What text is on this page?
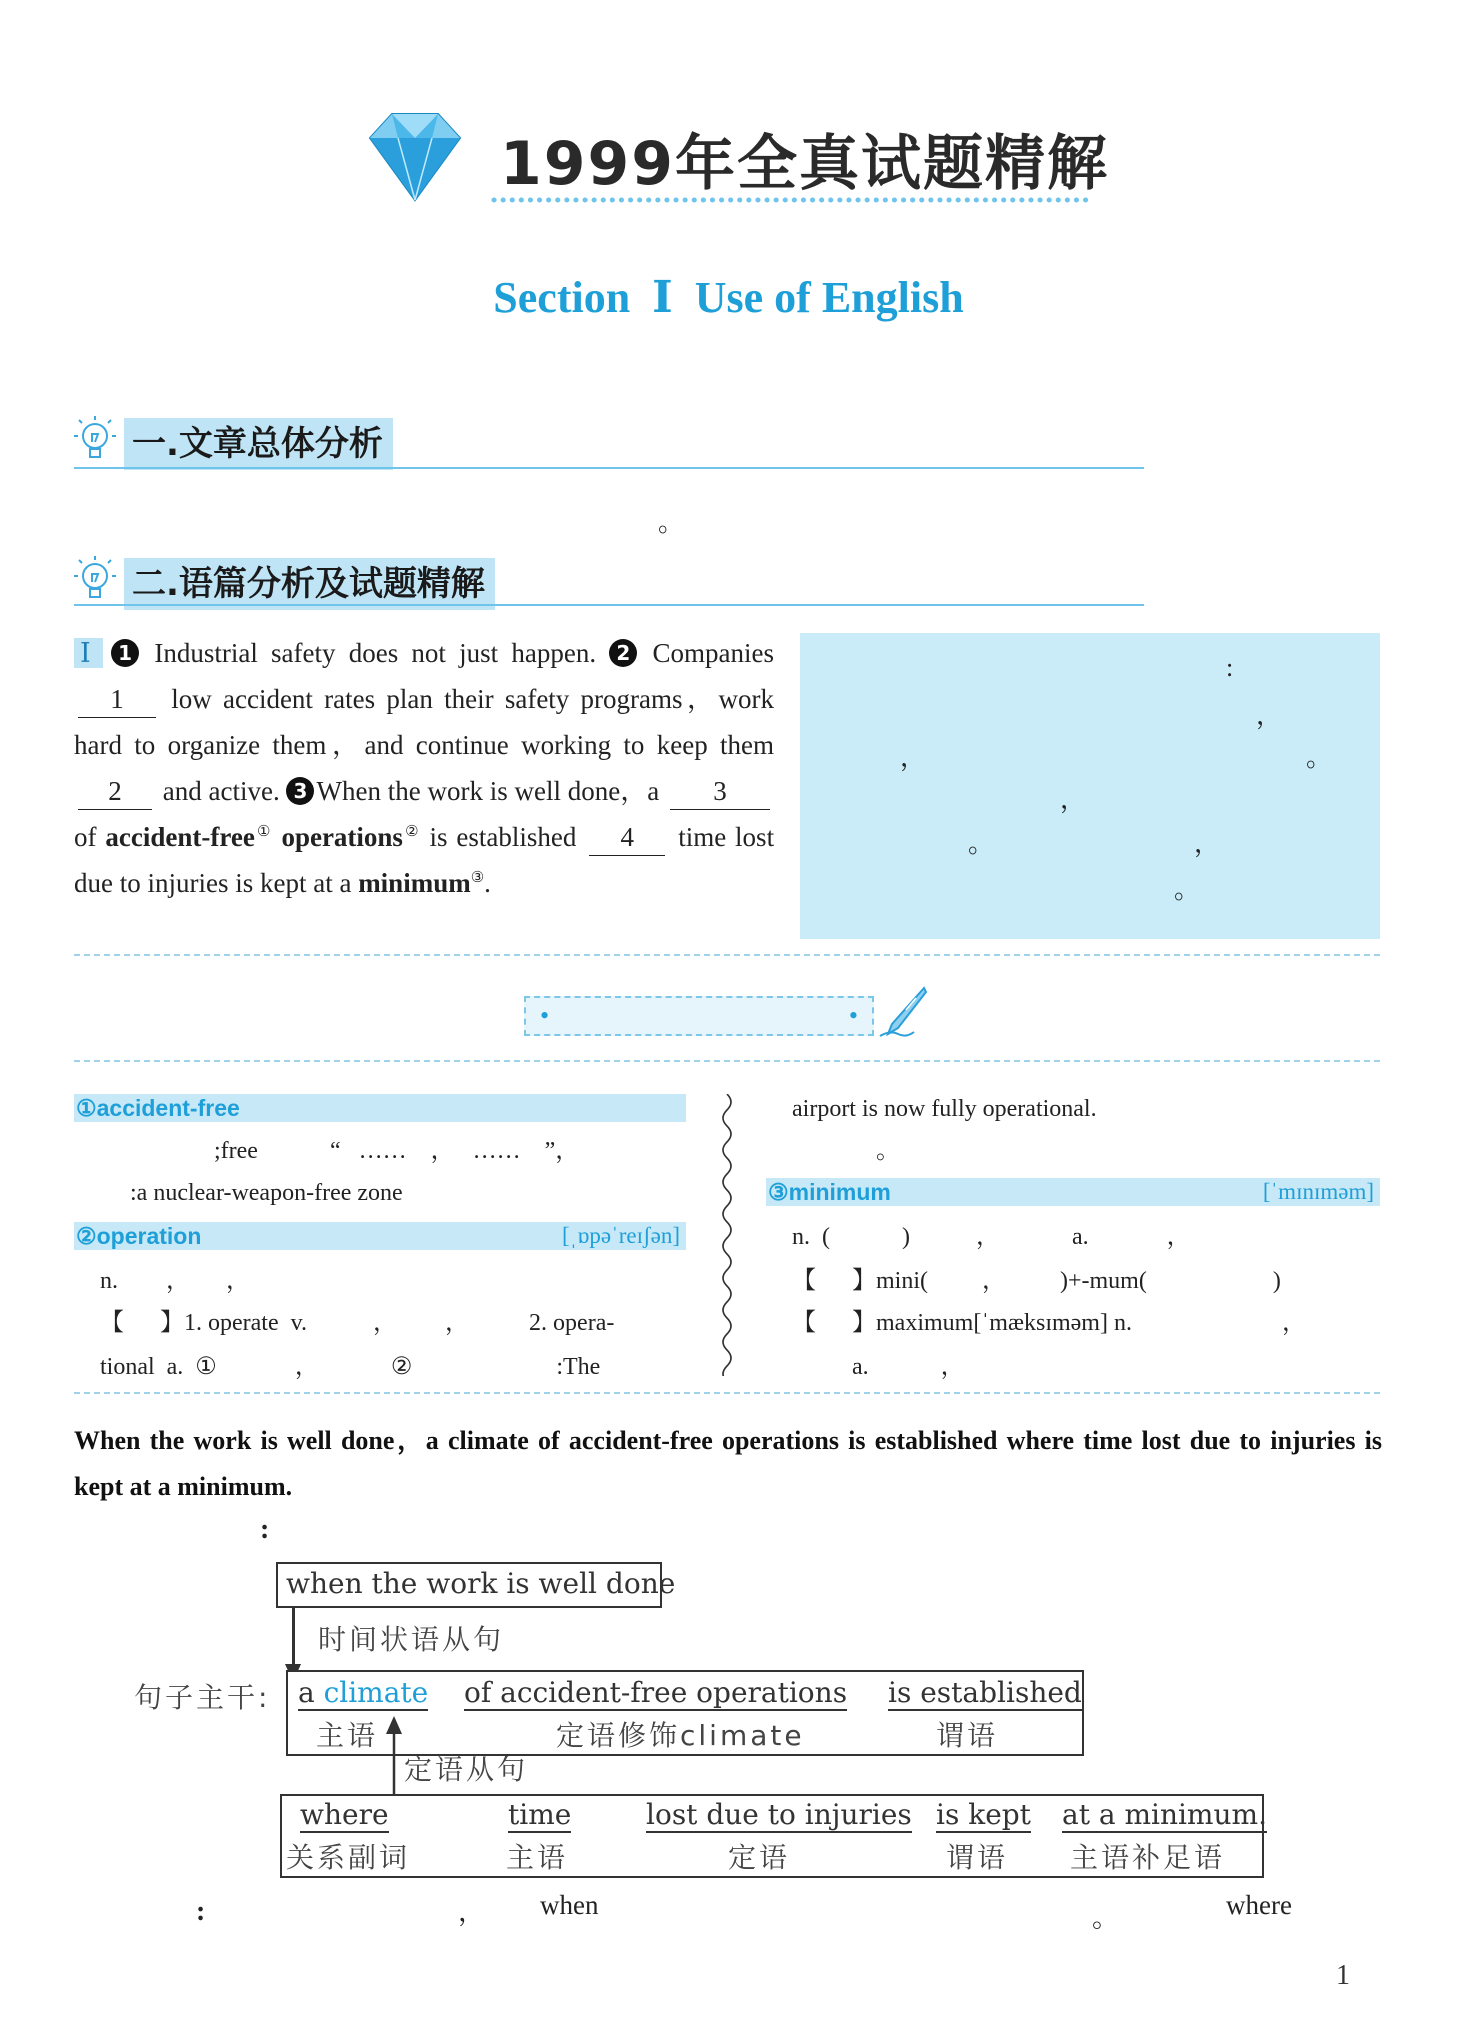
1999年全真试题精解
Section  Ⅰ  Use of English
一.文章总体分析
。
二.语篇分析及试题精解
Ⅰ 1 Industrial safety does not just happen. 2 Companies 1 low accident rates plan their safety programs，work hard to organize them，and continue working to keep them 2 and active. 3 When the work is well done，a 3 of accident-free① operations② is established 4 time lost due to injuries is kept at a minimum③.
:
，
，	。
，
。	，
。
•	•
①accident-free
;free            “   ……    ，   ……    ”，
:a nuclear-weapon-free zone
②operation	[ˌɒpəˈreɪʃən]
n.        ，      ，
【      】1. operate  v.           ，        ，          2. opera-
tional  a.  ①             ，            ②                        :The
airport is now fully operational.
。
③minimum	[ˈmɪnɪməm]
n.  (            )           ，            a.             ，
【      】mini(         ，         )+-mum(                     )
【      】maximum[ˈmæksɪməm] n.                         ，
a.            ，
When the work is well done，a climate of accident-free operations is established where time lost due to injuries is kept at a minimum.
:
when the work is well done
时间状语从句
句子主干: a climate
主语
of accident-free operations
定语修饰climate
is established
谓语
定语从句
where
关系副词
time
主语
lost due to injuries
定语
is kept
谓语
at a minimum.
主语补足语
:	， when	。	where
1
